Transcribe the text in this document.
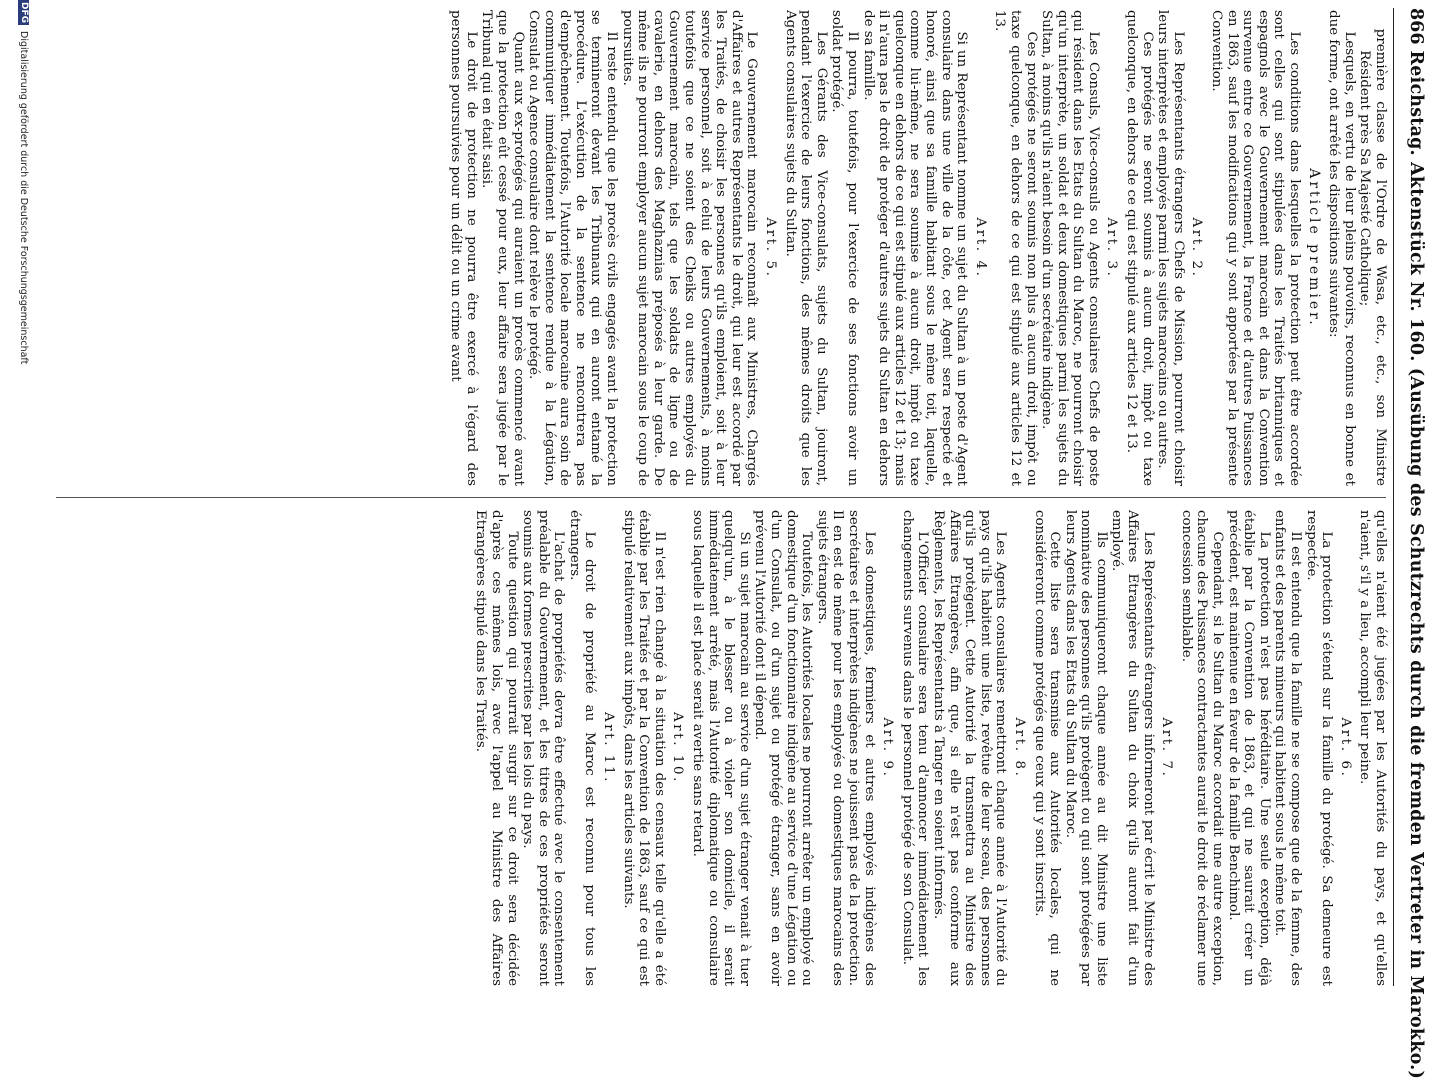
866
Reichstag. Aktenstück Nr. 160. (Ausübung des Schutzrechts durch die fremden Vertreter in Marokko.)

première classe de l'Ordre de Wasa, etc., etc., son Ministre Résident près Sa Majesté Catholique;

Lesquels, en vertu de leur pleins pouvoirs, reconnus en bonne et due forme, ont arrêté les dispositions suivantes:

Article premier.

Les conditions dans lesquelles la protection peut être accordée sont celles qui sont stipulées dans les Traités britanniques et espagnols avec le Gouvernement marocain et dans la Convention survenue entre ce Gouvernement, la France et d'autres Puissances en 1863, sauf les modifications qui y sont apportées par la présente Convention.

Art. 2.

Les Représentants étrangers Chefs de Mission, pourront choisir leurs interprètes et employés parmi les sujets marocains ou autres.

Ces protégés ne seront soumis à aucun droit, impôt ou taxe quelconque, en dehors de ce qui est stipulé aux articles 12 et 13.

Art. 3.

Les Consuls, Vice-consuls ou Agents consulaires Chefs de poste qui résident dans les Etats du Sultan du Maroc, ne pourront choisir qu'un interprète, un soldat et deux domestiques parmi les sujets du Sultan, à moins qu'ils n'aient besoin d'un secrétaire indigène.

Ces protégés ne seront soumis non plus à aucun droit, impôt ou taxe quelconque, en dehors de ce qui est stipulé aux articles 12 et 13.

Art. 4.

Si un Représentant nomme un sujet du Sultan à un poste d'Agent consulaire dans une ville de la côte, cet Agent sera respecté et honoré, ainsi que sa famille habitant sous le même toit, laquelle, comme lui-même, ne sera soumise à aucun droit, impôt ou taxe quelconque en dehors de ce qui est stipulé aux articles 12 et 13; mais il n'aura pas le droit de protéger d'autres sujets du Sultan en dehors de sa famille.

Il pourra, toutefois, pour l'exercice de ses fonctions avoir un soldat protégé.

Les Gérants des Vice-consulats, sujets du Sultan, jouiront, pendant l'exercice de leurs fonctions, des mêmes droits que les Agents consulaires sujets du Sultan.

Art. 5.

Le Gouvernement marocain reconnaît aux Ministres, Chargés d'Affaires et autres Représentants le droit, qui leur est accordé par les Traités, de choisir les personnes qu'ils emploient, soit à leur service personnel, soit à celui de leurs Gouvernements, à moins toutefois que ce ne soient des Cheiks ou autres employés du Gouvernement marocain, tels que les soldats de ligne ou de cavalerie, en dehors des Maghaznias préposés à leur garde. De même ils ne pourront employer aucun sujet marocain sous le coup de poursuites.

Il reste entendu que les procès civils engagés avant la protection se termineront devant les Tribunaux qui en auront entamé la procédure. L'exécution de la sentence ne rencontrera pas d'empêchement. Toutefois, l'Autorité locale marocaine aura soin de communiquer immédiatement la sentence rendue à la Légation, Consulat ou Agence consulaire dont relève le protégé.

Quant aux ex-protégés qui auraient un procès commencé avant que la protection eût cessé pour eux, leur affaire sera jugée par le Tribunal qui en était saisi.

Le droit de protection ne pourra être exercé à l'égard des personnes poursuivies pour un délit ou un crime avant

qu'elles n'aient été jugées par les Autorités du pays, et qu'elles n'aient, s'il y a lieu, accompli leur peine.

Art. 6.

La protection s'étend sur la famille du protégé. Sa demeure est respectée.

Il est entendu que la famille ne se compose que de la femme, des enfants et des parents mineurs qui habitent sous le même toit.

La protection n'est pas héréditaire. Une seule exception, déjà établie par la Convention de 1863, et qui ne saurait créer un précédent, est maintenue en faveur de la famille Benchimol.

Cependant, si le Sultan du Maroc accordait une autre exception, chacune des Puissances contractantes aurait le droit de réclamer une concession semblable.

Art. 7.

Les Représentants étrangers informeront par écrit le Ministre des Affaires Etrangères du Sultan du choix qu'ils auront fait d'un employé.

Ils communiqueront chaque année au dit Ministre une liste nominative des personnes qu'ils protègent ou qui sont protégées par leurs Agents dans les Etats du Sultan du Maroc.

Cette liste sera transmise aux Autorités locales, qui ne considéreront comme protégés que ceux qui y sont inscrits.

Art. 8.

Les Agents consulaires remettront chaque année à l'Autorité du pays qu'ils habitent une liste, revêtue de leur sceau, des personnes qu'ils protègent. Cette Autorité la transmettra au Ministre des Affaires Etrangères, afin que, si elle n'est pas conforme aux Règlements, les Représentants à Tanger en soient informés.

L'Officier consulaire sera tenu d'annoncer immédiatement les changements survenus dans le personnel protégé de son Consulat.

Art. 9.

Les domestiques, fermiers et autres employés indigènes des secrétaires et interprètes indigènes ne jouissent pas de la protection. Il en est de même pour les employés ou domestiques marocains des sujets étrangers.

Toutefois, les Autorités locales ne pourront arrêter un employé ou domestique d'un fonctionnaire indigène au service d'une Légation ou d'un Consulat, ou d'un sujet ou protégé étranger, sans en avoir prévenu l'Autorité dont il dépend.

Si un sujet marocain au service d'un sujet étranger venait à tuer quelqu'un, à le blesser ou à violer son domicile, il serait immédiatement arrêté, mais l'Autorité diplomatique ou consulaire sous laquelle il est placé serait avertie sans retard.

Art. 10.

Il n'est rien changé à la situation des censaux telle qu'elle a été établie par les Traités et par la Convention de 1863, sauf ce qui est stipulé relativement aux impôts, dans les articles suivants.

Art. 11.

Le droit de propriété au Maroc est reconnu pour tous les étrangers.

L'achat de propriétés devra être effectué avec le consentement préalable du Gouvernement, et les titres de ces propriétés seront soumis aux formes prescrites par les lois du pays.

Toute question qui pourrait surgir sur ce droit sera décidée d'après ces mêmes lois, avec l'appel au Ministre des Affaires Etrangères stipulé dans les Traités.

DFG
Digitalisierung gefördert durch die Deutsche Forschungsgemeinschaft
